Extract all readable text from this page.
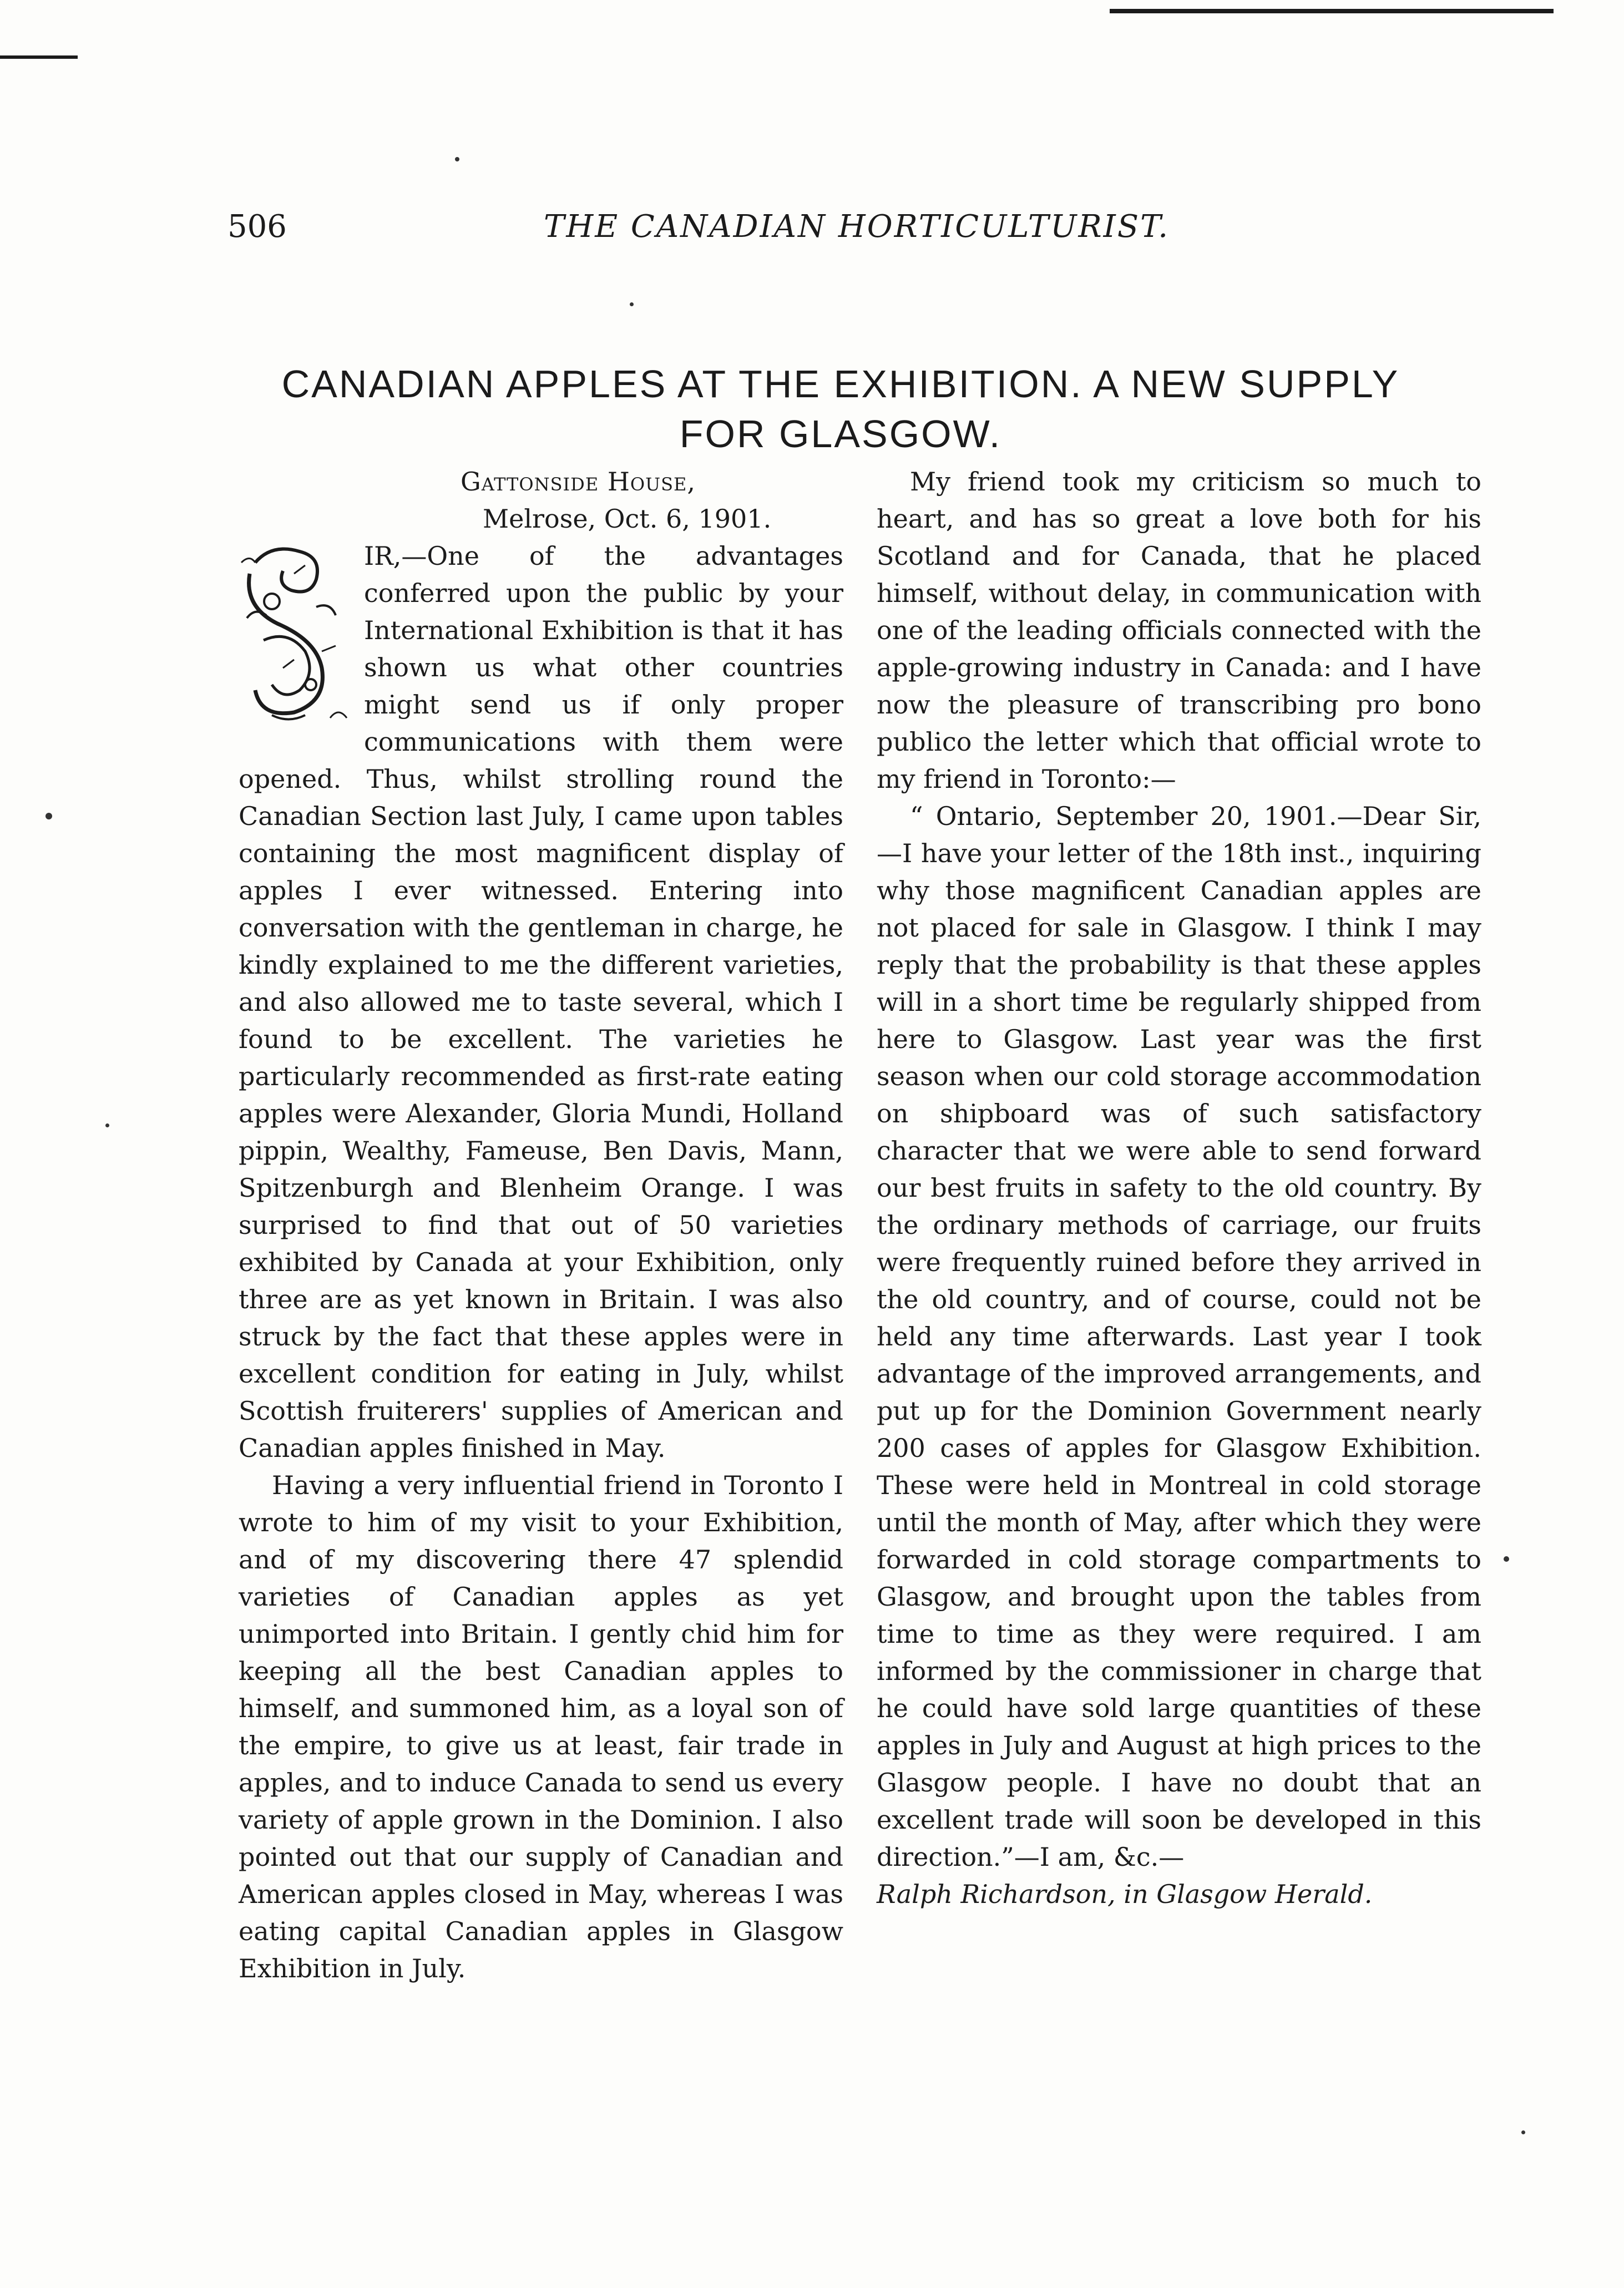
506	THE CANADIAN HORTICULTURIST.
CANADIAN APPLES AT THE EXHIBITION. A NEW SUPPLY
FOR GLASGOW.
Gattonside House,
Melrose, Oct. 6, 1901.

IR,—One of the advantages conferred upon the public by your International Exhibition is that it has shown us what other countries might send us if only proper communications with them were opened. Thus, whilst strolling round the Canadian Section last July, I came upon tables containing the most magnificent display of apples I ever witnessed. Entering into conversation with the gentleman in charge, he kindly explained to me the different varieties, and also allowed me to taste several, which I found to be excellent. The varieties he particularly recommended as first-rate eating apples were Alexander, Gloria Mundi, Holland pippin, Wealthy, Fameuse, Ben Davis, Mann, Spitzenburgh and Blenheim Orange. I was surprised to find that out of 50 varieties exhibited by Canada at your Exhibition, only three are as yet known in Britain. I was also struck by the fact that these apples were in excellent condition for eating in July, whilst Scottish fruiterers' supplies of American and Canadian apples finished in May.

Having a very influential friend in Toronto I wrote to him of my visit to your Exhibition, and of my discovering there 47 splendid varieties of Canadian apples as yet unimported into Britain. I gently chid him for keeping all the best Canadian apples to himself, and summoned him, as a loyal son of the empire, to give us at least, fair trade in apples, and to induce Canada to send us every variety of apple grown in the Dominion. I also pointed out that our supply of Canadian and American apples closed in May, whereas I was eating capital Canadian apples in Glasgow Exhibition in July.

My friend took my criticism so much to heart, and has so great a love both for his Scotland and for Canada, that he placed himself, without delay, in communication with one of the leading officials connected with the apple-growing industry in Canada: and I have now the pleasure of transcribing pro bono publico the letter which that official wrote to my friend in Toronto:—

“ Ontario, September 20, 1901.—Dear Sir,—I have your letter of the 18th inst., inquiring why those magnificent Canadian apples are not placed for sale in Glasgow. I think I may reply that the probability is that these apples will in a short time be regularly shipped from here to Glasgow. Last year was the first season when our cold storage accommodation on shipboard was of such satisfactory character that we were able to send forward our best fruits in safety to the old country. By the ordinary methods of carriage, our fruits were frequently ruined before they arrived in the old country, and of course, could not be held any time afterwards. Last year I took advantage of the improved arrangements, and put up for the Dominion Government nearly 200 cases of apples for Glasgow Exhibition. These were held in Montreal in cold storage until the month of May, after which they were forwarded in cold storage compartments to Glasgow, and brought upon the tables from time to time as they were required. I am informed by the commissioner in charge that he could have sold large quantities of these apples in July and August at high prices to the Glasgow people. I have no doubt that an excellent trade will soon be developed in this direction.”—I am, &c.—

Ralph Richardson, in Glasgow Herald.
